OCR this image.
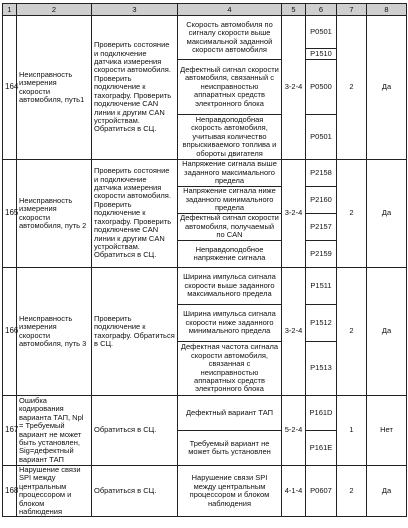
1	2	3	4	5	6	7	8
164	Неисправность измерения скорости автомобиля, путь1	Проверить состояние и подключение датчика измерения скорости автомобиля. Проверить подключение к тахографу. Проверить подключение CAN линии к другим CAN устройствам. Обратиться в СЦ.	Скорость автомобиля по сигналу скорости выше максимальной заданной скорости автомобиля	3-2-4	P0501	2	Да
					P1510		
			Дефектный сигнал скорости автомобиля, связанный с неисправностью аппаратных средств электронного блока		P0500		
			Неправдоподобная скорость автомобиля, учитывая количество впрыскиваемого топлива и обороты двигателя		P0501		
165	Неисправность измерения скорости автомобиля, путь 2	Проверить состояние и подключение датчика измерения скорости автомобиля. Проверить подключение к тахографу. Проверить подключение CAN линии к другим CAN устройствам. Обратиться в СЦ.	Напряжение сигнала выше заданного максимального предела	3-2-4	P2158	2	Да
			Напряжение сигнала ниже заданного минимального предела		P2160		
			Дефектный сигнал скорости автомобиля, получаемый по CAN		P2157		
			Неправдоподобное напряжение сигнала		P2159		
166	Неисправность измерения скорости автомобиля, путь 3	Проверить подключение к тахографу. Обратиться в СЦ.	Ширина импульса сигнала скорости выше заданного максимального предела	3-2-4	P1511	2	Да
			Ширина импульса сигнала скорости ниже заданного минимального предела		P1512		
			Дефектная частота сигнала скорости автомобиля, связанная с неисправностью аппаратных средств электронного блока		P1513		
167	Ошибка кодирования варианта ТАП, Npl = Требуемый вариант не может быть установлен, Sig=дефектный вариант ТАП	Обратиться в СЦ.	Дефектный вариант ТАП	5-2-4	P161D	1	Нет
			Требуемый вариант не может быть установлен		P161E		
168	Нарушение связи SPI между центральным процессором и блоком наблюдения	Обратиться в СЦ.	Нарушение связи SPI между центральным процессором и блоком наблюдения	4-1-4	P0607	2	Да
